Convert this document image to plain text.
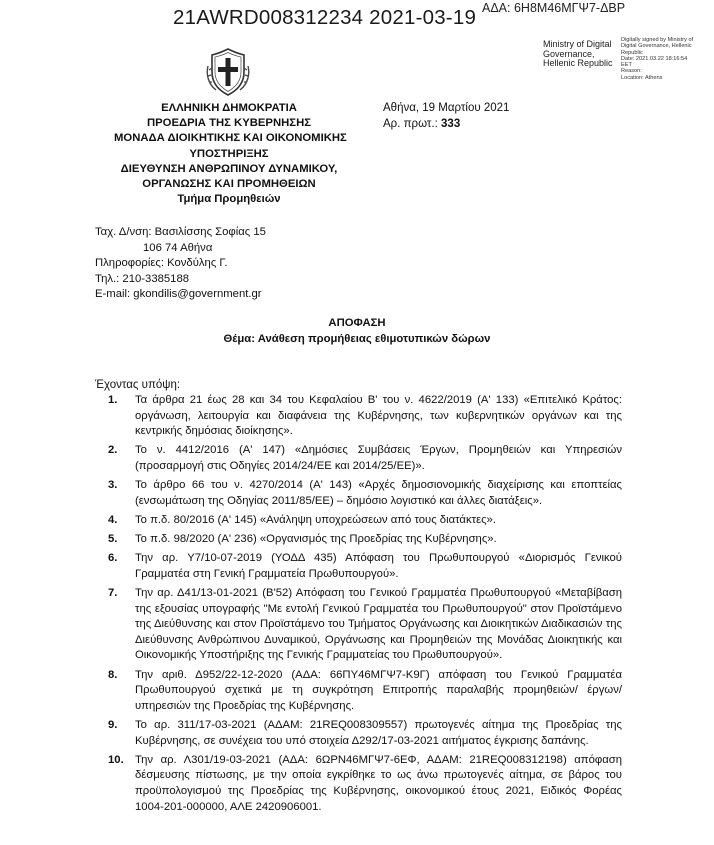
21AWRD008312234 2021-03-19 ΑΔΑ: 6Η8Μ46ΜΓΨ7-ΔΒΡ
Ministry of Digital
Governance,
Hellenic Republic
Digitally signed by Ministry of
Digital Governance, Hellenic
Republic
Date: 2021.03.22 18:16:54
EET
Reason:
Location: Athens
ΕΛΛΗΝΙΚΗ ΔΗΜΟΚΡΑΤΙΑ
ΠΡΟΕΔΡΙΑ ΤΗΣ ΚΥΒΕΡΝΗΣΗΣ
ΜΟΝΑΔΑ ΔΙΟΙΚΗΤΙΚΗΣ ΚΑΙ ΟΙΚΟΝΟΜΙΚΗΣ
ΥΠΟΣΤΗΡΙΞΗΣ
ΔΙΕΥΘΥΝΣΗ ΑΝΘΡΩΠΙΝΟΥ ΔΥΝΑΜΙΚΟΥ,
ΟΡΓΑΝΩΣΗΣ ΚΑΙ ΠΡΟΜΗΘΕΙΩΝ
Τμήμα Προμηθειών
Αθήνα, 19 Μαρτίου 2021
Αρ. πρωτ.: 333
Ταχ. Δ/νση: Βασιλίσσης Σοφίας 15
106 74 Αθήνα
Πληροφορίες: Κονδύλης Γ.
Τηλ.: 210-3385188
E-mail: gkondilis@government.gr
ΑΠΟΦΑΣΗ
Θέμα: Ανάθεση προμήθειας εθιμοτυπικών δώρων
Έχοντας υπόψη:
1.	Τα άρθρα 21 έως 28 και 34 του Κεφαλαίου Β' του ν. 4622/2019 (Α' 133) «Επιτελικό Κράτος: οργάνωση, λειτουργία και διαφάνεια της Κυβέρνησης, των κυβερνητικών οργάνων και της κεντρικής δημόσιας διοίκησης».
2.	Το ν. 4412/2016 (Α' 147) «Δημόσιες Συμβάσεις Έργων, Προμηθειών και Υπηρεσιών (προσαρμογή στις Οδηγίες 2014/24/ΕΕ και 2014/25/ΕΕ)».
3.	Το άρθρο 66 του ν. 4270/2014 (Α' 143) «Αρχές δημοσιονομικής διαχείρισης και εποπτείας (ενσωμάτωση της Οδηγίας 2011/85/ΕΕ) – δημόσιο λογιστικό και άλλες διατάξεις».
4.	Το π.δ. 80/2016 (Α' 145) «Ανάληψη υποχρεώσεων από τους διατάκτες».
5.	Το π.δ. 98/2020 (Α' 236) «Οργανισμός της Προεδρίας της Κυβέρνησης».
6.	Την αρ. Υ7/10-07-2019 (ΥΟΔΔ 435) Απόφαση του Πρωθυπουργού «Διορισμός Γενικού Γραμματέα στη Γενική Γραμματεία Πρωθυπουργού».
7.	Την αρ. Δ41/13-01-2021 (Β'52) Απόφαση του Γενικού Γραμματέα Πρωθυπουργού «Μεταβίβαση της εξουσίας υπογραφής "Με εντολή Γενικού Γραμματέα του Πρωθυπουργού" στον Προϊστάμενο της Διεύθυνσης και στον Προϊστάμενο του Τμήματος Οργάνωσης και Διοικητικών Διαδικασιών της Διεύθυνσης Ανθρώπινου Δυναμικού, Οργάνωσης και Προμηθειών της Μονάδας Διοικητικής και Οικονομικής Υποστήριξης της Γενικής Γραμματείας του Πρωθυπουργού».
8.	Την αριθ. Δ952/22-12-2020 (ΑΔΑ: 66ΠΥ46ΜΓΨ7-Κ9Γ) απόφαση του Γενικού Γραμματέα Πρωθυπουργού σχετικά με τη συγκρότηση Επιτροπής παραλαβής προμηθειών/ έργων/ υπηρεσιών της Προεδρίας της Κυβέρνησης.
9.	Το αρ. 311/17-03-2021 (ΑΔΑΜ: 21REQ008309557) πρωτογενές αίτημα της Προεδρίας της Κυβέρνησης, σε συνέχεια του υπό στοιχεία Δ292/17-03-2021 αιτήματος έγκρισης δαπάνης.
10. Την αρ. Λ301/19-03-2021 (ΑΔΑ: 6ΩΡΝ46ΜΓΨ7-6ΕΦ, ΑΔΑΜ: 21REQ008312198) απόφαση δέσμευσης πίστωσης, με την οποία εγκρίθηκε το ως άνω πρωτογενές αίτημα, σε βάρος του προϋπολογισμού της Προεδρίας της Κυβέρνησης, οικονομικού έτους 2021, Ειδικός Φορέας 1004-201-000000, ΑΛΕ 2420906001.
